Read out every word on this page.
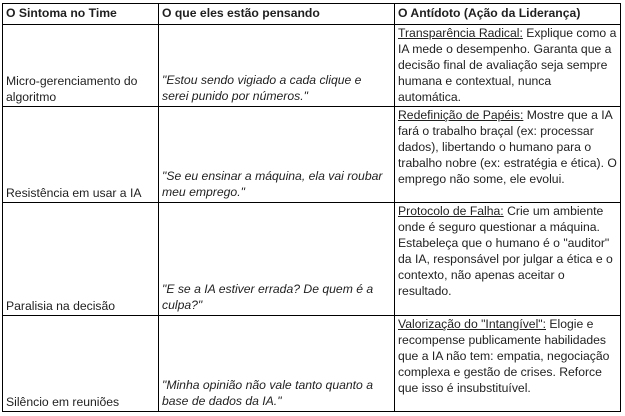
O Sintoma no Time	O que eles estão pensando	O Antídoto (Ação da Liderança)
Micro-gerenciamento do algoritmo	"Estou sendo vigiado a cada clique e serei punido por números."	Transparência Radical: Explique como a IA mede o desempenho. Garanta que a decisão final de avaliação seja sempre humana e contextual, nunca automática.
Resistência em usar a IA	"Se eu ensinar a máquina, ela vai roubar meu emprego."	Redefinição de Papéis: Mostre que a IA fará o trabalho braçal (ex: processar dados), libertando o humano para o trabalho nobre (ex: estratégia e ética). O emprego não some, ele evolui.
Paralisia na decisão	"E se a IA estiver errada? De quem é a culpa?"	Protocolo de Falha: Crie um ambiente onde é seguro questionar a máquina. Estabeleça que o humano é o "auditor" da IA, responsável por julgar a ética e o contexto, não apenas aceitar o resultado.
Silêncio em reuniões	"Minha opinião não vale tanto quanto a base de dados da IA."	Valorização do "Intangível": Elogie e recompense publicamente habilidades que a IA não tem: empatia, negociação complexa e gestão de crises. Reforce que isso é insubstituível.
